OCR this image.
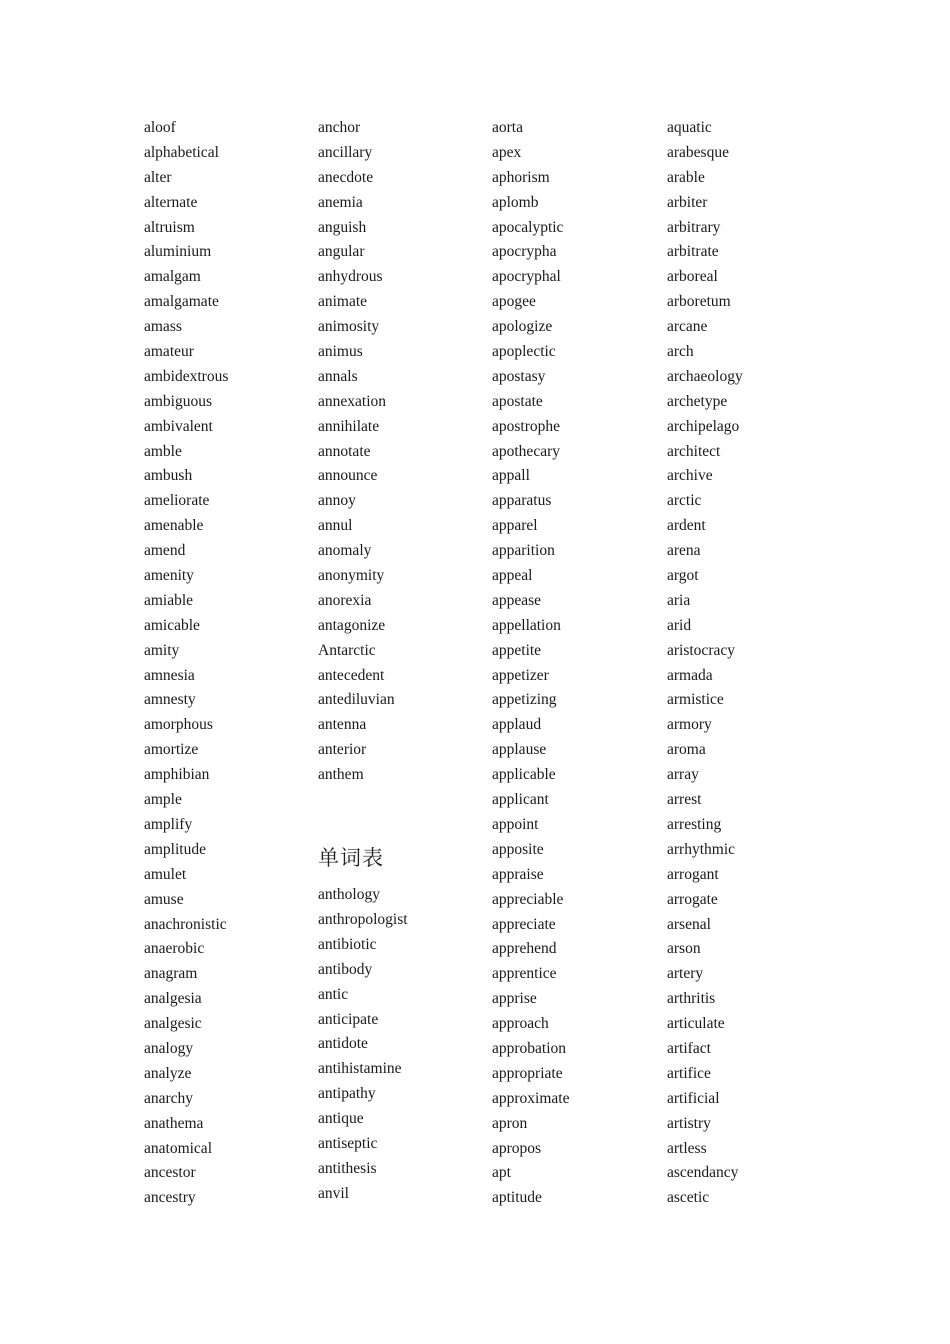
aloof
alphabetical
alter
alternate
altruism
aluminium
amalgam
amalgamate
amass
amateur
ambidextrous
ambiguous
ambivalent
amble
ambush
ameliorate
amenable
amend
amenity
amiable
amicable
amity
amnesia
amnesty
amorphous
amortize
amphibian
ample
amplify
amplitude
amulet
amuse
anachronistic
anaerobic
anagram
analgesia
analgesic
analogy
analyze
anarchy
anathema
anatomical
ancestor
ancestry
anchor
ancillary
anecdote
anemia
anguish
angular
anhydrous
animate
animosity
animus
annals
annexation
annihilate
annotate
announce
annoy
annul
anomaly
anonymity
anorexia
antagonize
Antarctic
antecedent
antediluvian
antenna
anterior
anthem
单词表
anthology
anthropologist
antibiotic
antibody
antic
anticipate
antidote
antihistamine
antipathy
antique
antiseptic
antithesis
anvil
aorta
apex
aphorism
aplomb
apocalyptic
apocrypha
apocryphal
apogee
apologize
apoplectic
apostasy
apostate
apostrophe
apothecary
appall
apparatus
apparel
apparition
appeal
appease
appellation
appetite
appetizer
appetizing
applaud
applause
applicable
applicant
appoint
apposite
appraise
appreciable
appreciate
apprehend
apprentice
apprise
approach
approbation
appropriate
approximate
apron
apropos
apt
aptitude
aquatic
arabesque
arable
arbiter
arbitrary
arbitrate
arboreal
arboretum
arcane
arch
archaeology
archetype
archipelago
architect
archive
arctic
ardent
arena
argot
aria
arid
aristocracy
armada
armistice
armory
aroma
array
arrest
arresting
arrhythmic
arrogant
arrogate
arsenal
arson
artery
arthritis
articulate
artifact
artifice
artificial
artistry
artless
ascendancy
ascetic
